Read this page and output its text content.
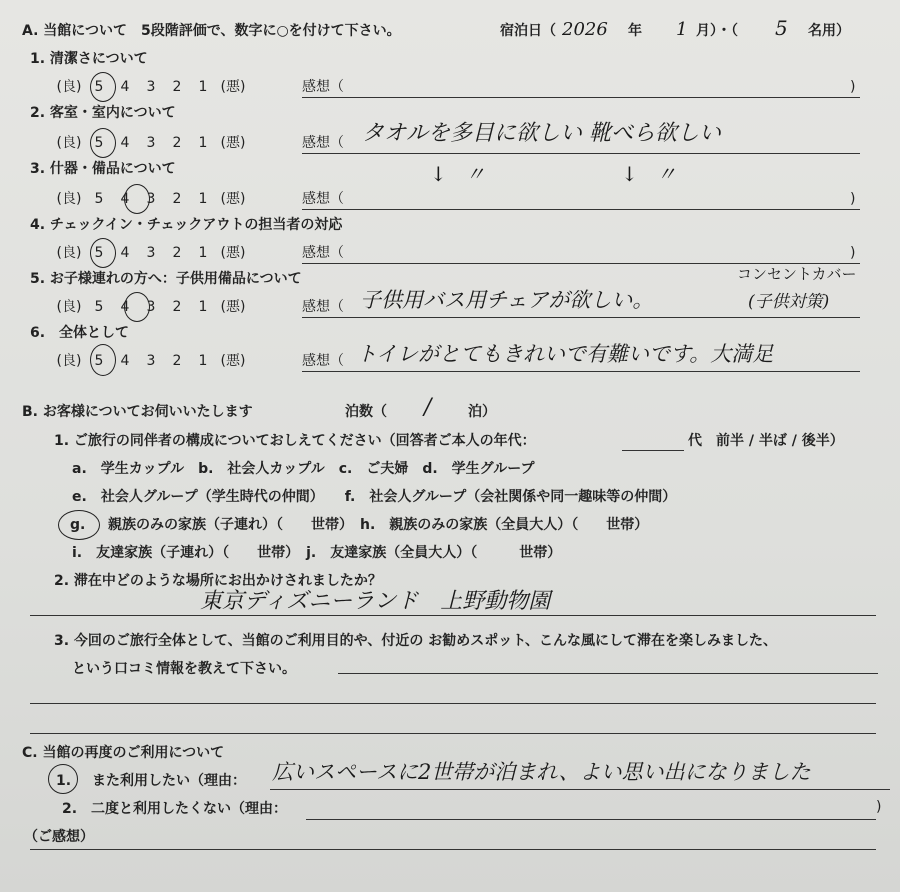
A. 当館について　5段階評価で、数字に○を付けて下さい。	宿泊日（ 2026 年 1 月）・（ 5 名用）
1. 清潔さについて
(良) 5	4	3	2	1 (悪)	感想（	)
2. 客室・室内について
(良) 5	4	3	2	1 (悪)	感想（ タオルを多目に欲しい 靴べら欲しい
3. 什器・備品について
(良) 5	4	3	2	1 (悪)	感想（
↓ 〃　　　　　↓ 〃
)
4. チェックイン・チェックアウトの担当者の対応
(良) 5	4	3	2	1 (悪)	感想（	)
5. お子様連れの方へ：子供用備品について	コンセントカバー
(良) 5	4	3	2	1 (悪)	感想（ 子供用バス用チェアが欲しい。	(子供対策)
6.　全体として
(良) 5	4	3	2	1 (悪)	感想（ トイレがとてもきれいで有難いです。大満足
B. お客様についてお伺いいたします	泊数（ /	泊）
1. ご旅行の同伴者の構成についておしえてください（回答者ご本人の年代：	代　前半 / 半ば / 後半）
a.　学生カップル　b.　社会人カップル　c.　ご夫婦　d.　学生グループ
e.　社会人グループ（学生時代の仲間）　　f.　社会人グループ（会社関係や同一趣味等の仲間）
g. 親族のみの家族（子連れ）（　　世帯）　h.　親族のみの家族（全員大人）（　　世帯）
i.　友達家族（子連れ）（　　世帯）　j.　友達家族（全員大人）（　　　世帯）
2. 滞在中どのような場所にお出かけされましたか？
東京ディズニーランド　上野動物園
3. 今回のご旅行全体として、当館のご利用目的や、付近の お勧めスポット、こんな風にして滞在を楽しみました、
という口コミ情報を教えて下さい。
C. 当館の再度のご利用について
1. また利用したい（理由： 広いスペースに2世帯が泊まれ、よい思い出になりました
2.　二度と利用したくない（理由：	)
（ご感想）
